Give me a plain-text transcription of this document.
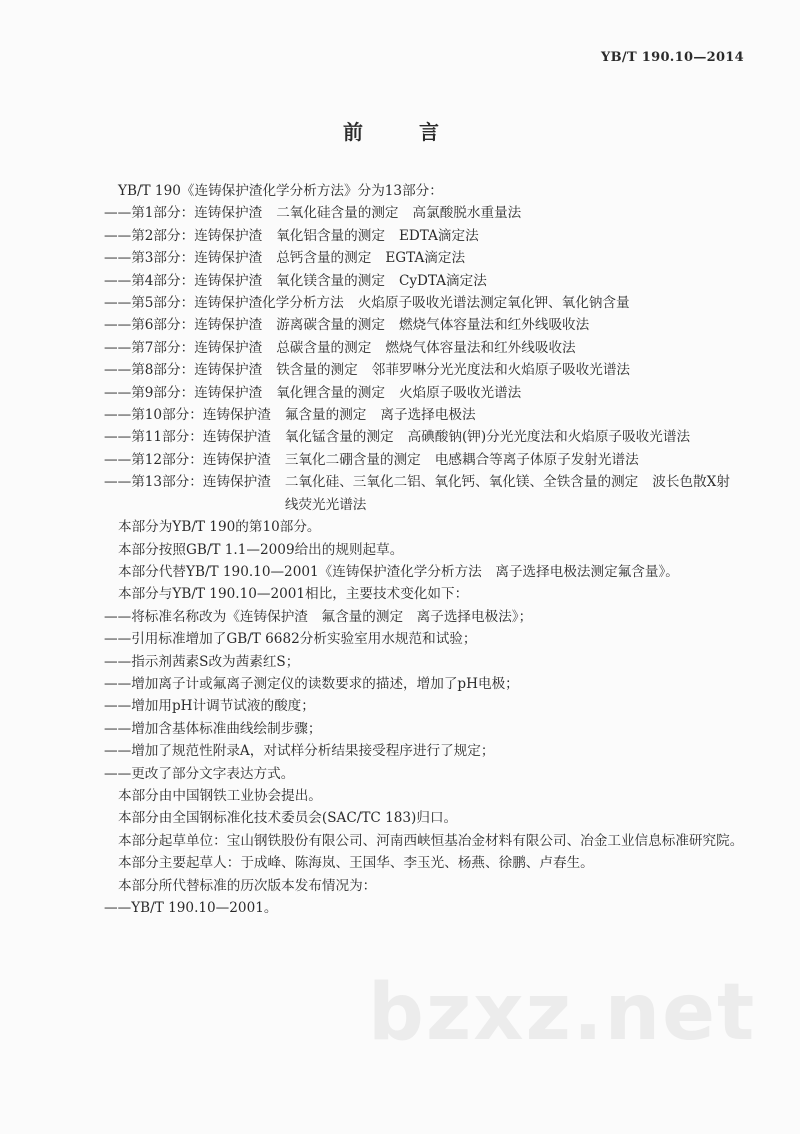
YB/T 190.10—2014
前　言

YB/T 190《连铸保护渣化学分析方法》分为13部分：

——第1部分：连铸保护渣 二氧化硅含量的测定 高氯酸脱水重量法
——第2部分：连铸保护渣 氧化铝含量的测定 EDTA滴定法
——第3部分：连铸保护渣 总钙含量的测定 EGTA滴定法
——第4部分：连铸保护渣 氧化镁含量的测定 CyDTA滴定法
——第5部分：连铸保护渣化学分析方法 火焰原子吸收光谱法测定氧化钾、氧化钠含量
——第6部分：连铸保护渣 游离碳含量的测定 燃烧气体容量法和红外线吸收法
——第7部分：连铸保护渣 总碳含量的测定 燃烧气体容量法和红外线吸收法
——第8部分：连铸保护渣 铁含量的测定 邻菲罗啉分光光度法和火焰原子吸收光谱法
——第9部分：连铸保护渣 氧化锂含量的测定 火焰原子吸收光谱法
——第10部分：连铸保护渣 氟含量的测定 离子选择电极法
——第11部分：连铸保护渣 氧化锰含量的测定 高碘酸钠(钾)分光光度法和火焰原子吸收光谱法
——第12部分：连铸保护渣 三氧化二硼含量的测定 电感耦合等离子体原子发射光谱法
——第13部分：连铸保护渣 二氧化硅、三氧化二铝、氧化钙、氧化镁、全铁含量的测定 波长色散X射线荧光光谱法

本部分为YB/T 190的第10部分。

本部分按照GB/T 1.1—2009给出的规则起草。

本部分代替YB/T 190.10—2001《连铸保护渣化学分析方法　离子选择电极法测定氟含量》。

本部分与YB/T 190.10—2001相比，主要技术变化如下：

——将标准名称改为《连铸保护渣　氟含量的测定　离子选择电极法》；

——引用标准增加了GB/T 6682分析实验室用水规范和试验；

——指示剂茜素S改为茜素红S；

——增加离子计或氟离子测定仪的读数要求的描述，增加了pH电极；

——增加用pH计调节试液的酸度；

——增加含基体标准曲线绘制步骤；

——增加了规范性附录A，对试样分析结果接受程序进行了规定；

——更改了部分文字表达方式。

本部分由中国钢铁工业协会提出。

本部分由全国钢标准化技术委员会(SAC/TC 183)归口。

本部分起草单位：宝山钢铁股份有限公司、河南西峡恒基冶金材料有限公司、冶金工业信息标准研究院。

本部分主要起草人：于成峰、陈海岚、王国华、李玉光、杨燕、徐鹏、卢春生。

本部分所代替标准的历次版本发布情况为：

——YB/T 190.10—2001。

bzxz.net
